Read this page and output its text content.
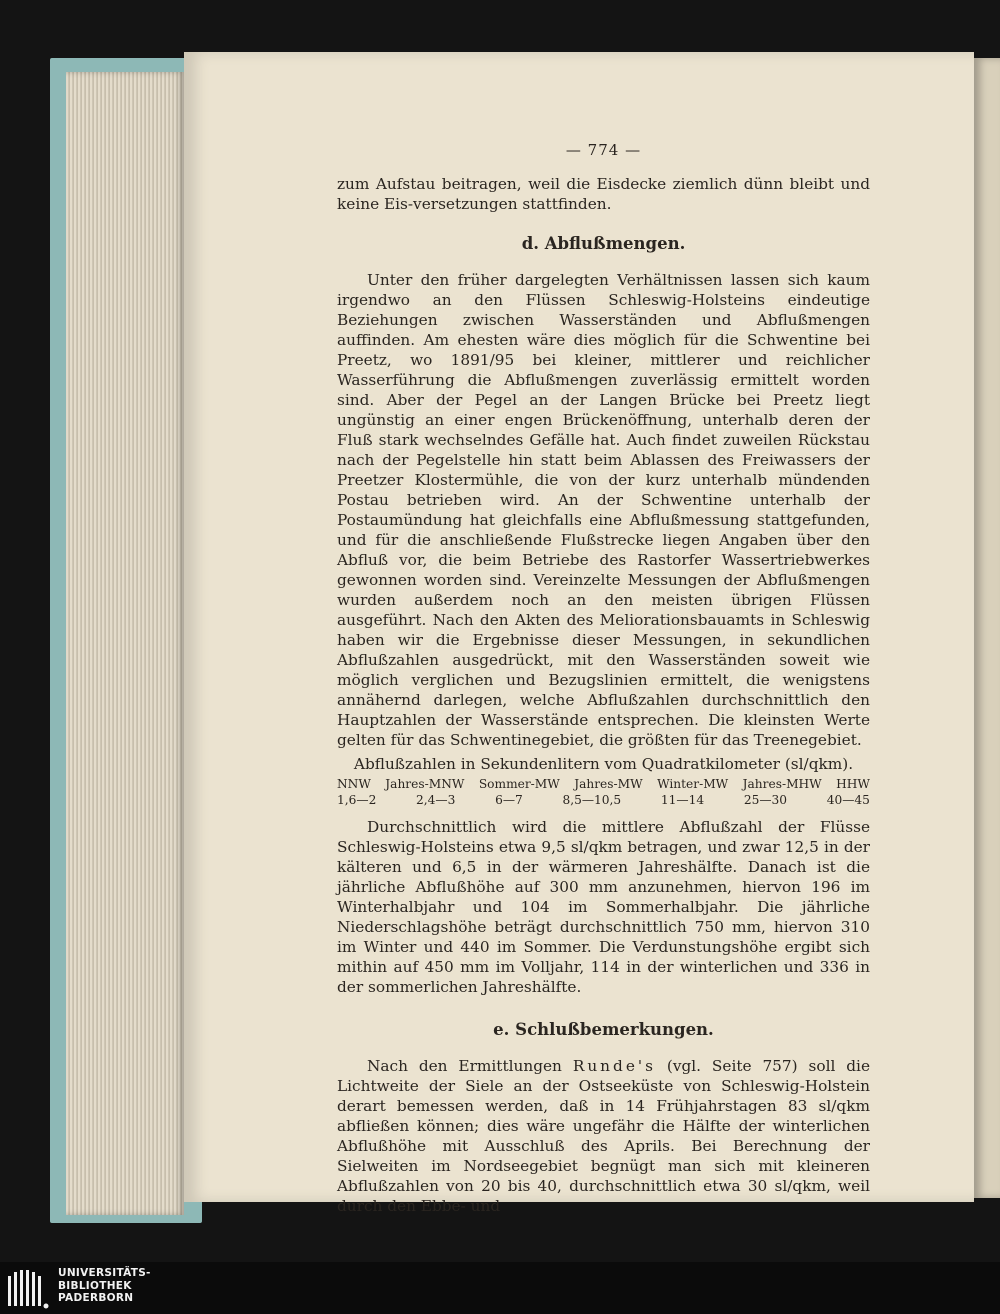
— 774 —

zum Aufstau beitragen, weil die Eisdecke ziemlich dünn bleibt und keine Eis-versetzungen stattfinden.

d. Abflußmengen.

Unter den früher dargelegten Verhältnissen lassen sich kaum irgendwo an den Flüssen Schleswig-Holsteins eindeutige Beziehungen zwischen Wasserständen und Abflußmengen auffinden. Am ehesten wäre dies möglich für die Schwentine bei Preetz, wo 1891/95 bei kleiner, mittlerer und reichlicher Wasserführung die Abflußmengen zuverlässig ermittelt worden sind. Aber der Pegel an der Langen Brücke bei Preetz liegt ungünstig an einer engen Brückenöffnung, unterhalb deren der Fluß stark wechselndes Gefälle hat. Auch findet zuweilen Rückstau nach der Pegelstelle hin statt beim Ablassen des Freiwassers der Preetzer Klostermühle, die von der kurz unterhalb mündenden Postau betrieben wird. An der Schwentine unterhalb der Postaumündung hat gleichfalls eine Abflußmessung stattgefunden, und für die anschließende Flußstrecke liegen Angaben über den Abfluß vor, die beim Betriebe des Rastorfer Wassertriebwerkes gewonnen worden sind. Vereinzelte Messungen der Abflußmengen wurden außerdem noch an den meisten übrigen Flüssen ausgeführt. Nach den Akten des Meliorationsbauamts in Schleswig haben wir die Ergebnisse dieser Messungen, in sekundlichen Abflußzahlen ausgedrückt, mit den Wasserständen soweit wie möglich verglichen und Bezugslinien ermittelt, die wenigstens annähernd darlegen, welche Abflußzahlen durchschnittlich den Hauptzahlen der Wasserstände entsprechen. Die kleinsten Werte gelten für das Schwentinegebiet, die größten für das Treenegebiet.

Abflußzahlen in Sekundenlitern vom Quadratkilometer (sl/qkm).
NNW Jahres-MNW Sommer-MW Jahres-MW Winter-MW Jahres-MHW HHW
1,6—2	2,4—3	6—7	8,5—10,5	11—14	25—30	40—45

Durchschnittlich wird die mittlere Abflußzahl der Flüsse Schleswig-Holsteins etwa 9,5 sl/qkm betragen, und zwar 12,5 in der kälteren und 6,5 in der wärmeren Jahreshälfte. Danach ist die jährliche Abflußhöhe auf 300 mm anzunehmen, hiervon 196 im Winterhalbjahr und 104 im Sommerhalbjahr. Die jährliche Niederschlagshöhe beträgt durchschnittlich 750 mm, hiervon 310 im Winter und 440 im Sommer. Die Verdunstungshöhe ergibt sich mithin auf 450 mm im Volljahr, 114 in der winterlichen und 336 in der sommerlichen Jahreshälfte.

e. Schlußbemerkungen.

Nach den Ermittlungen Runde's (vgl. Seite 757) soll die Lichtweite der Siele an der Ostseeküste von Schleswig-Holstein derart bemessen werden, daß in 14 Frühjahrstagen 83 sl/qkm abfließen können; dies wäre ungefähr die Hälfte der winterlichen Abflußhöhe mit Ausschluß des Aprils. Bei Berechnung der Sielweiten im Nordseegebiet begnügt man sich mit kleineren Abflußzahlen von 20 bis 40, durchschnittlich etwa 30 sl/qkm, weil durch den Ebbe- und

UNIVERSITÄTS-
BIBLIOTHEK
PADERBORN
